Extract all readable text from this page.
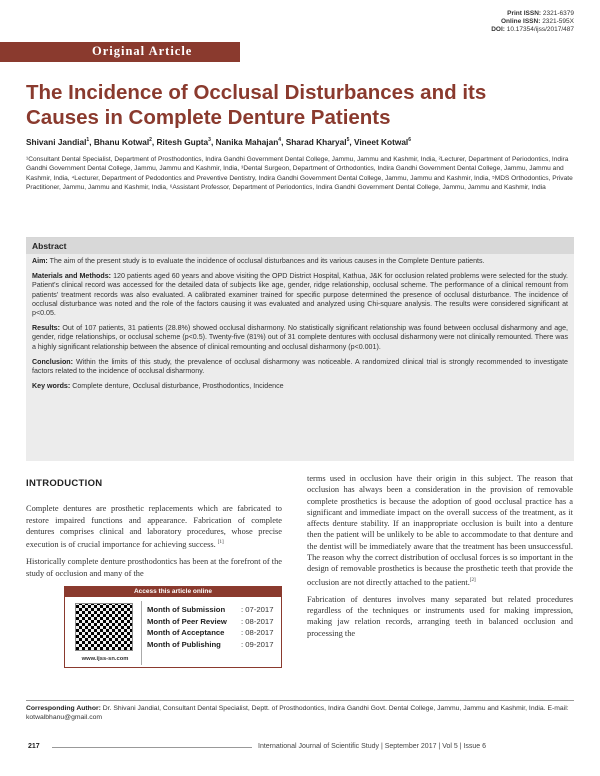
Print ISSN: 2321-6379
Online ISSN: 2321-595X
DOI: 10.17354/ijss/2017/487
Original Article
The Incidence of Occlusal Disturbances and its Causes in Complete Denture Patients
Shivani Jandial$^1$, Bhanu Kotwal$^2$, Ritesh Gupta$^3$, Nanika Mahajan$^4$, Sharad Kharyal$^5$, Vineet Kotwal$^6$
¹Consultant Dental Specialist, Department of Prosthodontics, Indira Gandhi Government Dental College, Jammu, Jammu and Kashmir, India, ²Lecturer, Department of Periodontics, Indira Gandhi Government Dental College, Jammu, Jammu and Kashmir, India, ³Dental Surgeon, Department of Orthodontics, Indira Gandhi Government Dental College, Jammu, Jammu and Kashmir, India, ⁴Lecturer, Department of Pedodontics and Preventive Dentistry, Indira Gandhi Government Dental College, Jammu, Jammu and Kashmir, India, ⁵MDS Orthodontics, Private Practitioner, Jammu, Jammu and Kashmir, India, ⁶Assistant Professor, Department of Periodontics, Indira Gandhi Government Dental College, Jammu, Jammu and Kashmir, India
Abstract

Aim: The aim of the present study is to evaluate the incidence of occlusal disturbances and its various causes in the Complete Denture patients.

Materials and Methods: 120 patients aged 60 years and above visiting the OPD District Hospital, Kathua, J&K for occlusion related problems were selected for the study. Patient's clinical record was accessed for the detailed data of subjects like age, gender, ridge relationship, occlusal scheme. The performance of a clinical remount from patients' treatment records was also evaluated. A calibrated examiner trained for specific purpose determined the presence of occlusal disturbance. The incidence of occlusal disturbance was noted and the role of the factors causing it was evaluated and analyzed using Chi-square analysis. The results were considered significant at p<0.05.

Results: Out of 107 patients, 31 patients (28.8%) showed occlusal disharmony. No statistically significant relationship was found between occlusal disharmony and age, gender, ridge relationships, or occlusal scheme (p<0.5). Twenty-five (81%) out of 31 complete dentures with occlusal disharmony were not clinically remounted. There was a highly significant relationship between the absence of clinical remounting and occlusal disharmony (p<0.001).

Conclusion: Within the limits of this study, the prevalence of occlusal disharmony was noticeable. A randomized clinical trial is strongly recommended to investigate factors related to the incidence of occlusal disharmony.

Key words: Complete denture, Occlusal disturbance, Prosthodontics, Incidence

INTRODUCTION

Complete dentures are prosthetic replacements which are fabricated to restore impaired functions and appearance. Fabrication of complete dentures comprises clinical and laboratory procedures, whose precise execution is of crucial importance for achieving success. [1]

Historically complete denture prosthodontics has been at the forefront of the study of occlusion and many of the

terms used in occlusion have their origin in this subject. The reason that occlusion has always been a consideration in the provision of removable complete prosthetics is because the adoption of good occlusal practice has a significant and immediate impact on the overall success of the treatment, as it affects denture stability. If an inappropriate occlusion is built into a denture then the patient will be unlikely to be able to accommodate to that denture and the dentist will be immediately aware that the treatment has been unsuccessful. The reason why the correct distribution of occlusal forces is so important in the design of removable prosthetics is because the prosthetic teeth that provide the occlusion are not directly attached to the patient.[2]

Fabrication of dentures involves many separated but related procedures regardless of the techniques or instruments used for making impression, making jaw relation records, arranging teeth in balanced occlusion and processing the

Access this article online
www.ijss-sn.com
Month of Submission	: 07-2017
Month of Peer Review	: 08-2017
Month of Acceptance	: 08-2017
Month of Publishing	: 09-2017
Corresponding Author: Dr. Shivani Jandial, Consultant Dental Specialist, Deptt. of Prosthodontics, Indira Gandhi Govt. Dental College, Jammu, Jammu and Kashmir, India. E-mail: kotwalbhanu@gmail.com
217	International Journal of Scientific Study | September 2017 | Vol 5 | Issue 6
